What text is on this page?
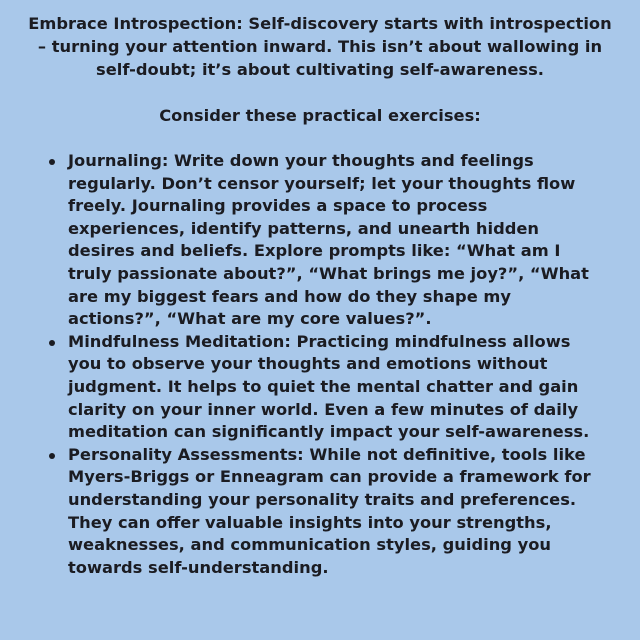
Embrace Introspection: Self-discovery starts with introspection – turning your attention inward. This isn’t about wallowing in self-doubt; it’s about cultivating self-awareness.

Consider these practical exercises:

Journaling: Write down your thoughts and feelings regularly. Don’t censor yourself; let your thoughts flow freely. Journaling provides a space to process experiences, identify patterns, and unearth hidden desires and beliefs. Explore prompts like: “What am I truly passionate about?”, “What brings me joy?”, “What are my biggest fears and how do they shape my actions?”, “What are my core values?”.
Mindfulness Meditation: Practicing mindfulness allows you to observe your thoughts and emotions without judgment. It helps to quiet the mental chatter and gain clarity on your inner world. Even a few minutes of daily meditation can significantly impact your self-awareness.
Personality Assessments: While not definitive, tools like Myers-Briggs or Enneagram can provide a framework for understanding your personality traits and preferences. They can offer valuable insights into your strengths, weaknesses, and communication styles, guiding you towards self-understanding.
